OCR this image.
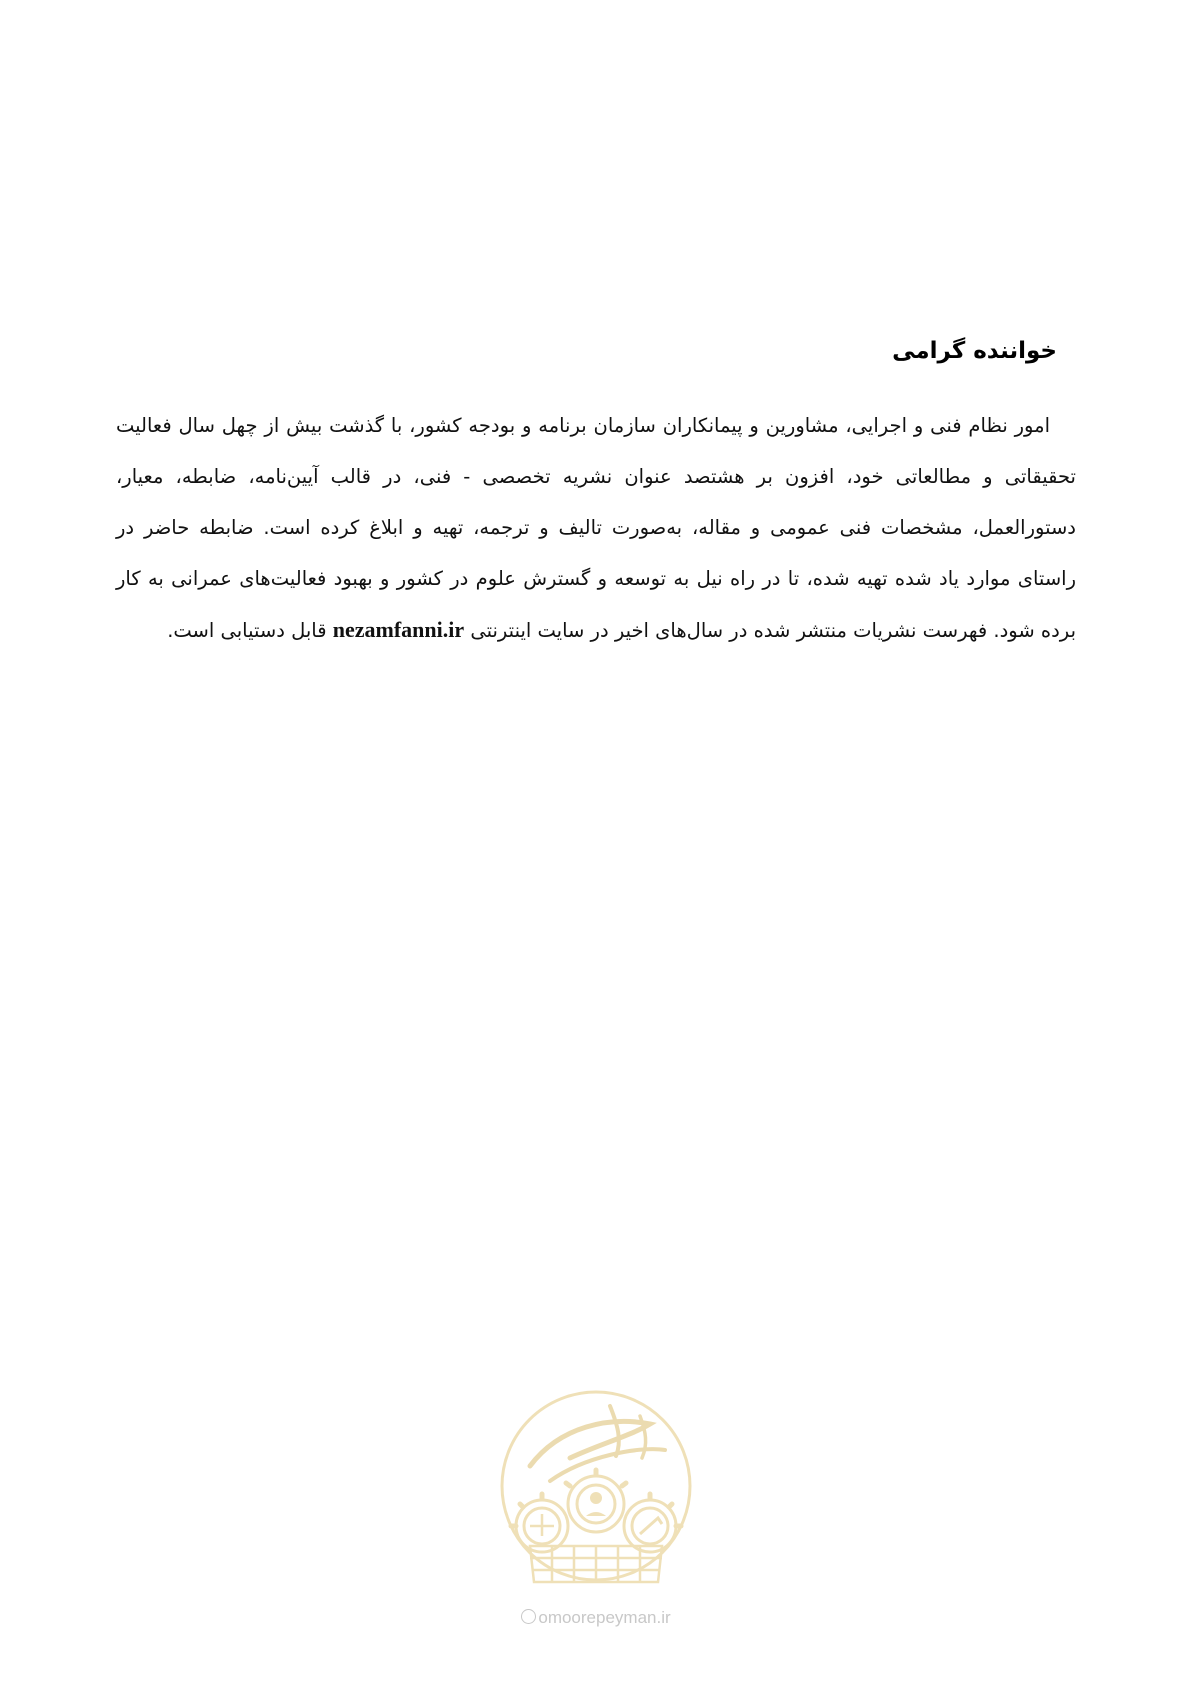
خواننده گرامی

امور نظام فنی و اجرایی، مشاورین و پیمانکاران سازمان برنامه و بودجه کشور، با گذشت بیش از چهل سال فعالیت تحقیقاتی و مطالعاتی خود، افزون بر هشتصد عنوان نشریه تخصصی - فنی، در قالب آیین‌نامه، ضابطه، معیار، دستورالعمل، مشخصات فنی عمومی و مقاله، به‌صورت تالیف و ترجمه، تهیه و ابلاغ کرده است. ضابطه حاضر در راستای موارد یاد شده تهیه شده، تا در راه نیل به توسعه و گسترش علوم در کشور و بهبود فعالیت‌های عمرانی به کار برده شود. فهرست نشریات منتشر شده در سال‌های اخیر در سایت اینترنتی nezamfanni.ir قابل دستیابی است.

omoorepeyman.ir
